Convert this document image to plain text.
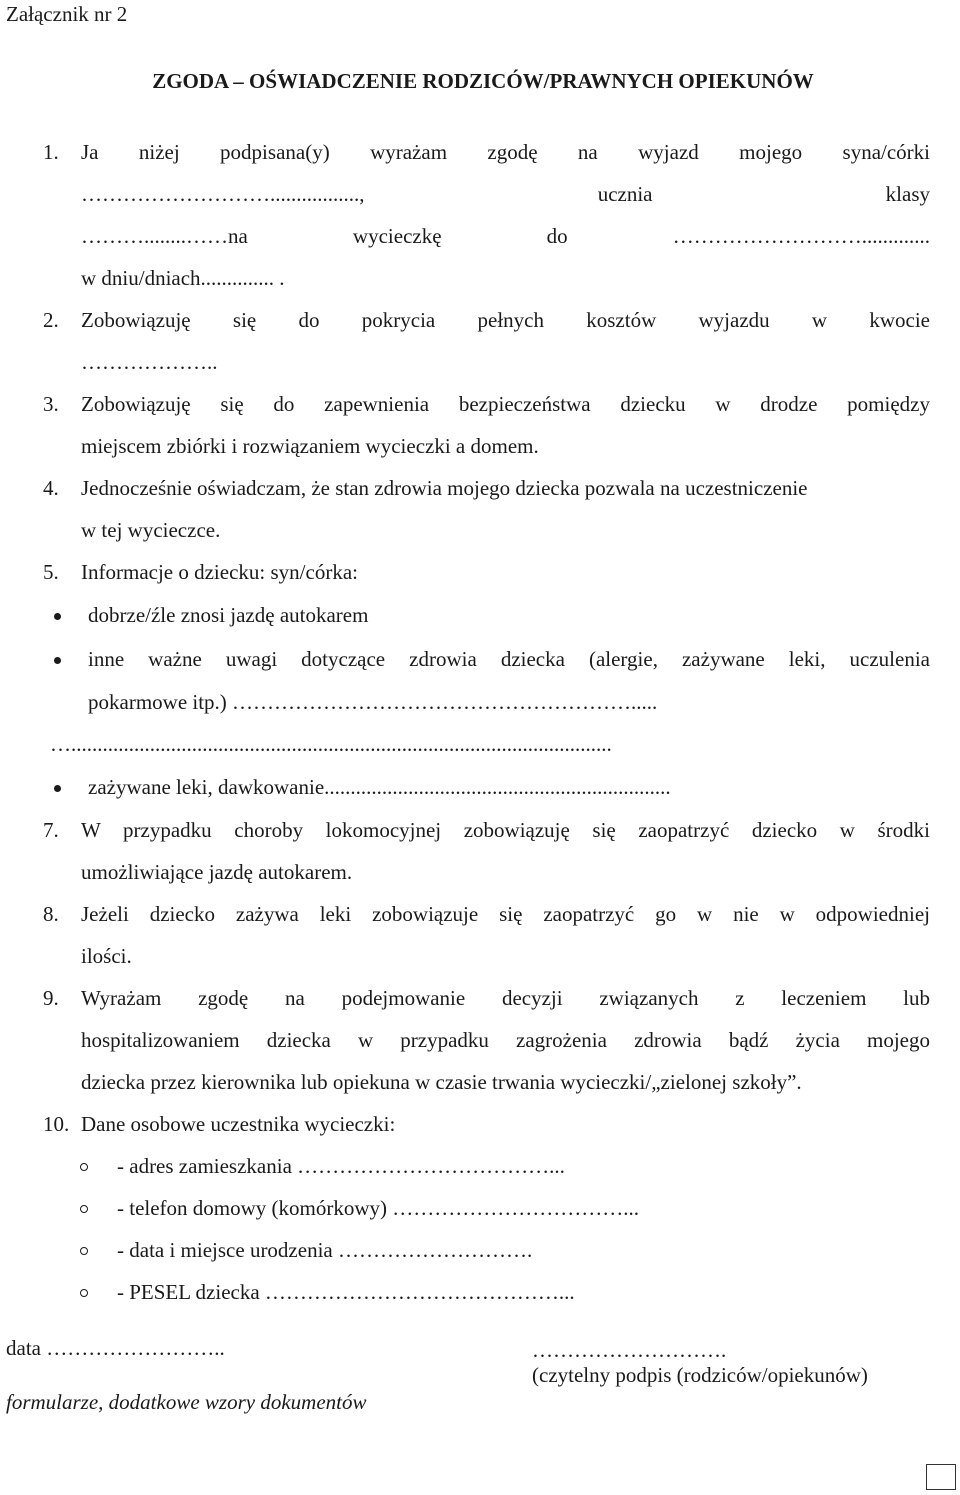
Załącznik nr 2
ZGODA – OŚWIADCZENIE RODZICÓW/PRAWNYCH OPIEKUNÓW
1. Ja niżej podpisana(y) wyrażam zgodę na wyjazd mojego syna/córki
………………………................., ucznia klasy
………........……na wycieczkę do ……………………….............
w dniu/dniach.............. .
2. Zobowiązuję się do pokrycia pełnych kosztów wyjazdu w kwocie
………………..
3. Zobowiązuję się do zapewnienia bezpieczeństwa dziecku w drodze pomiędzy
miejscem zbiórki i rozwiązaniem wycieczki a domem.
4. Jednocześnie oświadczam, że stan zdrowia mojego dziecka pozwala na uczestniczenie
w tej wycieczce.
5. Informacje o dziecku: syn/córka:
dobrze/źle znosi jazdę autokarem
inne ważne uwagi dotyczące zdrowia dziecka (alergie, zażywane leki, uczulenia
pokarmowe itp.) ………………………………………………….....
….......................................................................................................
zażywane leki, dawkowanie..................................................................
7. W przypadku choroby lokomocyjnej zobowiązuję się zaopatrzyć dziecko w środki
umożliwiające jazdę autokarem.
8. Jeżeli dziecko zażywa leki zobowiązuje się zaopatrzyć go w nie w odpowiedniej
ilości.
9. Wyrażam zgodę na podejmowanie decyzji związanych z leczeniem lub
hospitalizowaniem dziecka w przypadku zagrożenia zdrowia bądź życia mojego
dziecka przez kierownika lub opiekuna w czasie trwania wycieczki/„zielonej szkoły”.
10. Dane osobowe uczestnika wycieczki:
- adres zamieszkania ………………………………...
- telefon domowy (komórkowy) ……………………………...
- data i miejsce urodzenia ……………………….
- PESEL dziecka ……………………………………...
data ……………………..	……………………….
(czytelny podpis (rodziców/opiekunów)
formularze, dodatkowe wzory dokumentów
